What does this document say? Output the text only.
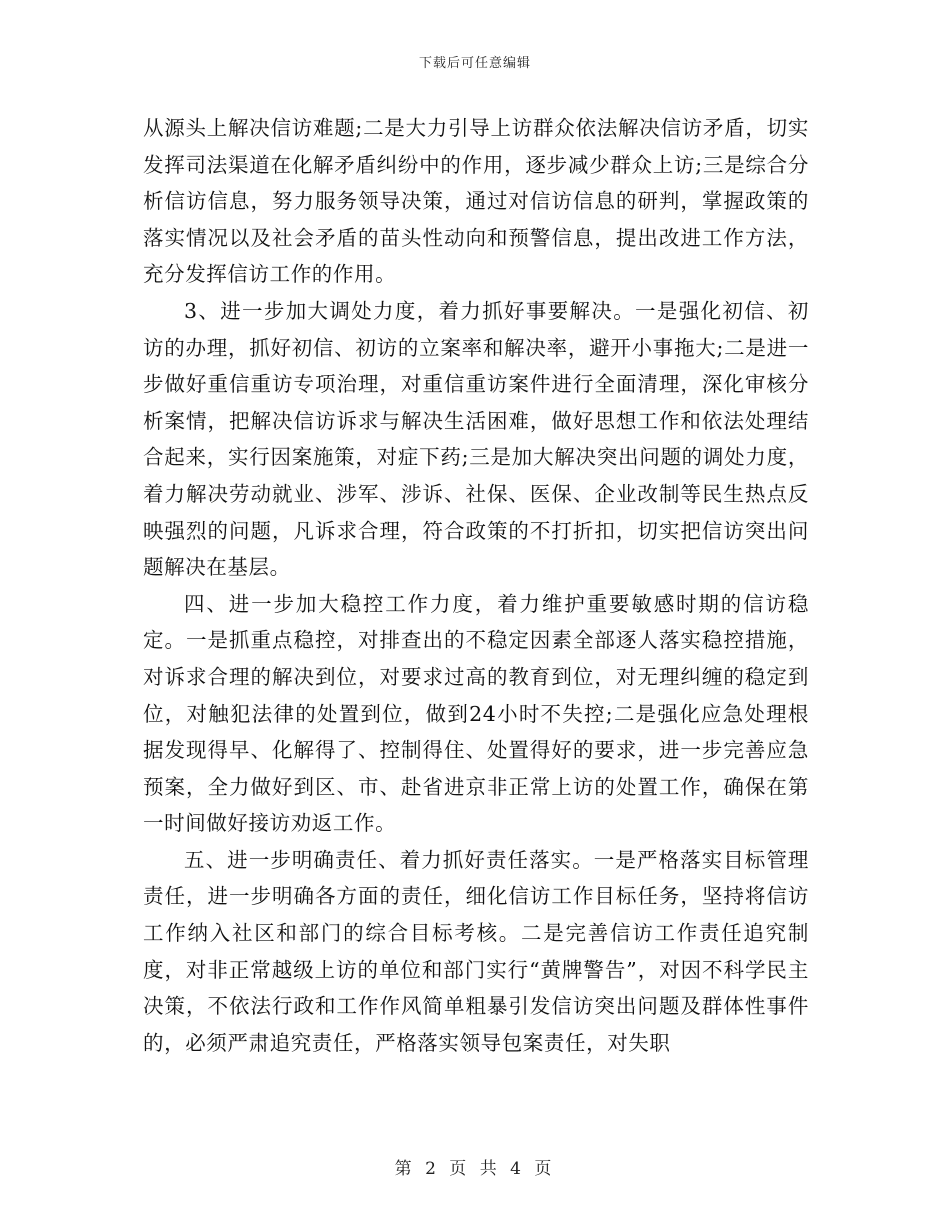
下载后可任意编辑

从源头上解决信访难题;二是大力引导上访群众依法解决信访矛盾，切实发挥司法渠道在化解矛盾纠纷中的作用，逐步减少群众上访;三是综合分析信访信息，努力服务领导决策，通过对信访信息的研判，掌握政策的落实情况以及社会矛盾的苗头性动向和预警信息，提出改进工作方法，充分发挥信访工作的作用。

3、进一步加大调处力度，着力抓好事要解决。一是强化初信、初访的办理，抓好初信、初访的立案率和解决率，避开小事拖大;二是进一步做好重信重访专项治理，对重信重访案件进行全面清理，深化审核分析案情，把解决信访诉求与解决生活困难，做好思想工作和依法处理结合起来，实行因案施策，对症下药;三是加大解决突出问题的调处力度，着力解决劳动就业、涉军、涉诉、社保、医保、企业改制等民生热点反映强烈的问题，凡诉求合理，符合政策的不打折扣，切实把信访突出问题解决在基层。

四、进一步加大稳控工作力度，着力维护重要敏感时期的信访稳定。一是抓重点稳控，对排查出的不稳定因素全部逐人落实稳控措施，对诉求合理的解决到位，对要求过高的教育到位，对无理纠缠的稳定到位，对触犯法律的处置到位，做到24小时不失控;二是强化应急处理根据发现得早、化解得了、控制得住、处置得好的要求，进一步完善应急预案，全力做好到区、市、赴省进京非正常上访的处置工作，确保在第一时间做好接访劝返工作。

五、进一步明确责任、着力抓好责任落实。一是严格落实目标管理责任，进一步明确各方面的责任，细化信访工作目标任务，坚持将信访工作纳入社区和部门的综合目标考核。二是完善信访工作责任追究制度，对非正常越级上访的单位和部门实行“黄牌警告”，对因不科学民主决策，不依法行政和工作作风简单粗暴引发信访突出问题及群体性事件的，必须严肃追究责任，严格落实领导包案责任，对失职

第 2 页 共 4 页
